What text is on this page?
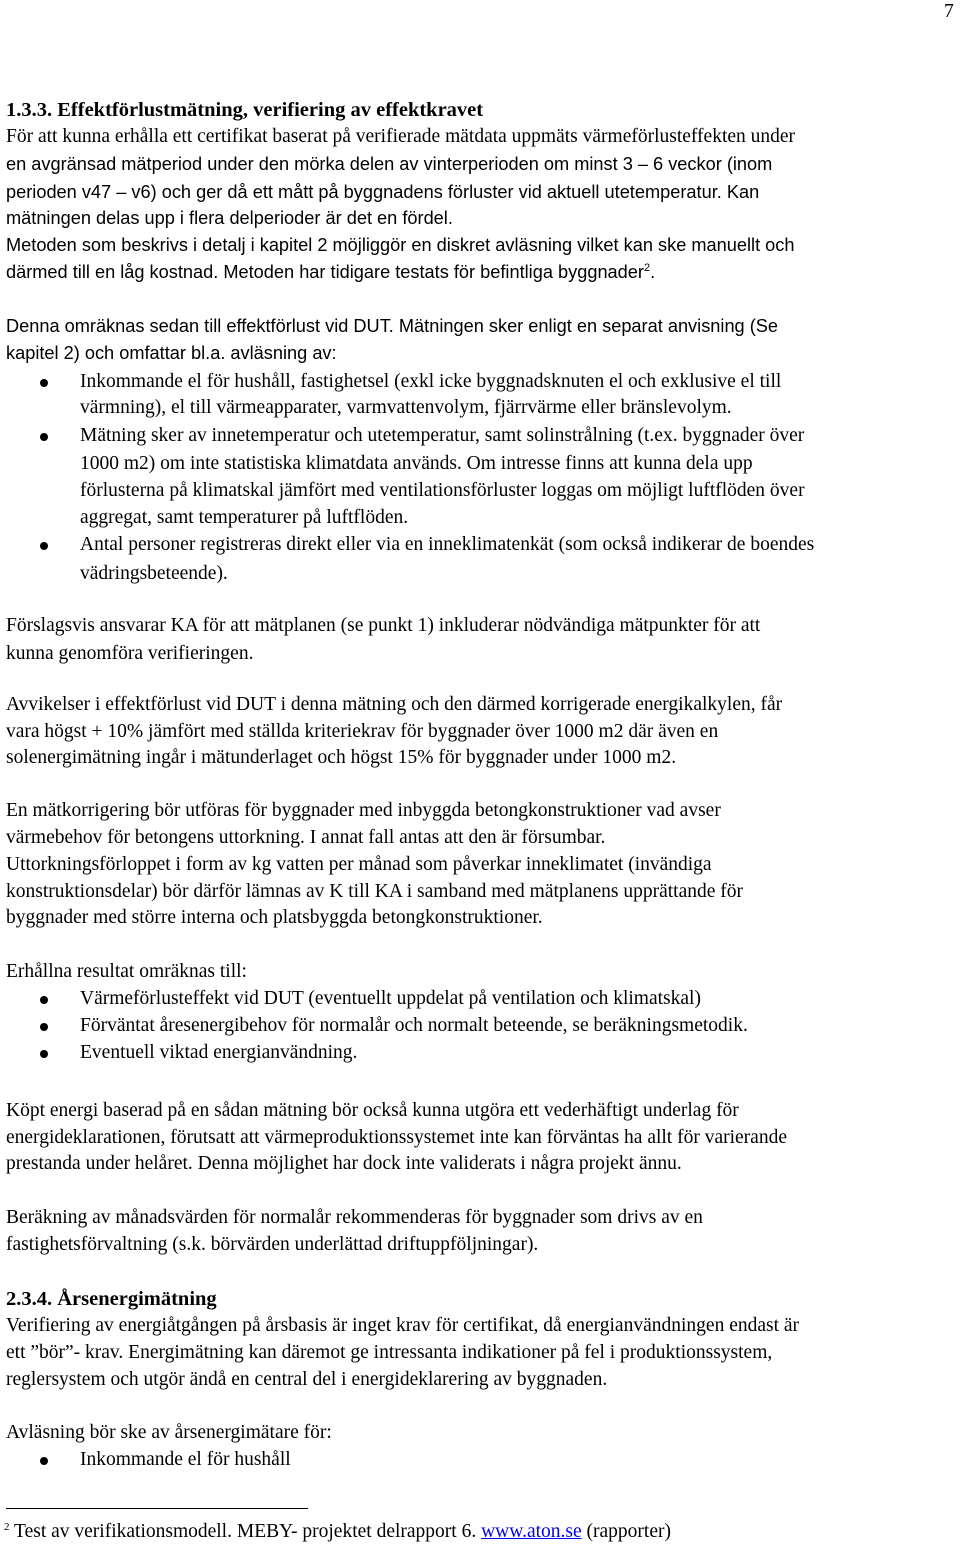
7
1.3.3. Effektförlustmätning, verifiering av effektkravet
För att kunna erhålla ett certifikat baserat på verifierade mätdata uppmäts värmeförlusteffekten under
en avgränsad mätperiod under den mörka delen av vinterperioden om minst 3 – 6 veckor (inom
perioden v47 – v6) och ger då ett mått på byggnadens förluster vid aktuell utetemperatur. Kan
mätningen delas upp i flera delperioder är det en fördel.
Metoden som beskrivs i detalj i kapitel 2 möjliggör en diskret avläsning vilket kan ske manuellt och
därmed till en låg kostnad. Metoden har tidigare testats för befintliga byggnader$^2$.
Denna omräknas sedan till effektförlust vid DUT. Mätningen sker enligt en separat anvisning (Se
kapitel 2) och omfattar bl.a. avläsning av:
Inkommande el för hushåll, fastighetsel (exkl icke byggnadsknuten el och exklusive el till
värmning), el till värmeapparater, varmvattenvolym, fjärrvärme eller bränslevolym.
Mätning sker av innetemperatur och utetemperatur, samt solinstrålning (t.ex. byggnader över
1000 m2) om inte statistiska klimatdata används. Om intresse finns att kunna dela upp
förlusterna på klimatskal jämfört med ventilationsförluster loggas om möjligt luftflöden över
aggregat, samt temperaturer på luftflöden.
Antal personer registreras direkt eller via en inneklimatenkät (som också indikerar de boendes
vädringsbeteende).
Förslagsvis ansvarar KA för att mätplanen (se punkt 1) inkluderar nödvändiga mätpunkter för att
kunna genomföra verifieringen.
Avvikelser i effektförlust vid DUT i denna mätning och den därmed korrigerade energikalkylen, får
vara högst + 10% jämfört med ställda kriteriekrav för byggnader över 1000 m2 där även en
solenergimätning ingår i mätunderlaget och högst 15% för byggnader under 1000 m2.
En mätkorrigering bör utföras för byggnader med inbyggda betongkonstruktioner vad avser
värmebehov för betongens uttorkning. I annat fall antas att den är försumbar.
Uttorkningsförloppet i form av kg vatten per månad som påverkar inneklimatet (invändiga
konstruktionsdelar) bör därför lämnas av K till KA i samband med mätplanens upprättande för
byggnader med större interna och platsbyggda betongkonstruktioner.
Erhållna resultat omräknas till:
Värmeförlusteffekt vid DUT (eventuellt uppdelat på ventilation och klimatskal)
Förväntat åresenergibehov för normalår och normalt beteende, se beräkningsmetodik.
Eventuell viktad energianvändning.
Köpt energi baserad på en sådan mätning bör också kunna utgöra ett vederhäftigt underlag för
energideklarationen, förutsatt att värmeproduktionssystemet inte kan förväntas ha allt för varierande
prestanda under helåret. Denna möjlighet har dock inte validerats i några projekt ännu.
Beräkning av månadsvärden för normalår rekommenderas för byggnader som drivs av en
fastighetsförvaltning (s.k. börvärden underlättad driftuppföljningar).
2.3.4. Årsenergimätning
Verifiering av energiåtgången på årsbasis är inget krav för certifikat, då energianvändningen endast är
ett ”bör”- krav. Energimätning kan däremot ge intressanta indikationer på fel i produktionssystem,
reglersystem och utgör ändå en central del i energideklarering av byggnaden.
Avläsning bör ske av årsenergimätare för:
Inkommande el för hushåll
$^2$ Test av verifikationsmodell. MEBY- projektet delrapport 6. www.aton.se (rapporter)
